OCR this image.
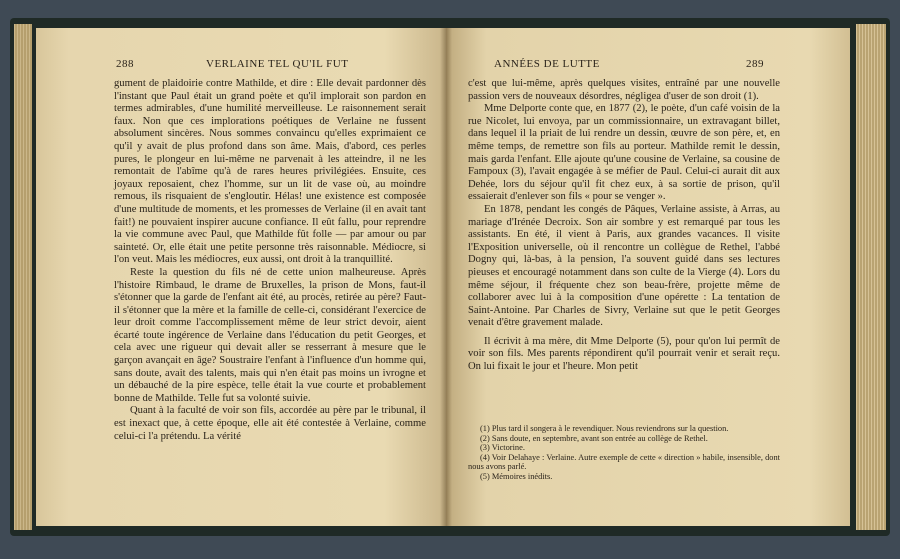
288	VERLAINE TEL QU'IL FUT

gument de plaidoirie contre Mathilde, et dire : Elle devait pardonner dès l'instant que Paul était un grand poète et qu'il implorait son pardon en termes admirables, d'une humilité merveilleuse. Le raisonnement serait faux. Non que ces implorations poétiques de Verlaine ne fussent absolument sincères. Nous sommes convaincu qu'elles exprimaient ce qu'il y avait de plus profond dans son âme. Mais, d'abord, ces perles pures, le plongeur en lui-même ne parvenait à les atteindre, il ne les remontait de l'abîme qu'à de rares heures privilégiées. Ensuite, ces joyaux reposaient, chez l'homme, sur un lit de vase où, au moindre remous, ils risquaient de s'engloutir. Hélas! une existence est composée d'une multitude de moments, et les promesses de Verlaine (il en avait tant fait!) ne pouvaient inspirer aucune confiance. Il eût fallu, pour reprendre la vie commune avec Paul, que Mathilde fût folle — par amour ou par sainteté. Or, elle était une petite personne très raisonnable. Médiocre, si l'on veut. Mais les médiocres, eux aussi, ont droit à la tranquillité.

Reste la question du fils né de cette union malheureuse. Après l'histoire Rimbaud, le drame de Bruxelles, la prison de Mons, faut-il s'étonner que la garde de l'enfant ait été, au procès, retirée au père? Faut-il s'étonner que la mère et la famille de celle-ci, considérant l'exercice de leur droit comme l'accomplissement même de leur strict devoir, aient écarté toute ingérence de Verlaine dans l'éducation du petit Georges, et cela avec une rigueur qui devait aller se resserrant à mesure que le garçon avançait en âge? Soustraire l'enfant à l'influence d'un homme qui, sans doute, avait des talents, mais qui n'en était pas moins un ivrogne et un débauché de la pire espèce, telle était la vue courte et probablement bonne de Mathilde. Telle fut sa volonté suivie.

Quant à la faculté de voir son fils, accordée au père par le tribunal, il est inexact que, à cette époque, elle ait été contestée à Verlaine, comme celui-ci l'a prétendu. La vérité

ANNÉES DE LUTTE	289

c'est que lui-même, après quelques visites, entraîné par une nouvelle passion vers de nouveaux désordres, négligea d'user de son droit (1).

Mme Delporte conte que, en 1877 (2), le poète, d'un café voisin de la rue Nicolet, lui envoya, par un commissionnaire, un extravagant billet, dans lequel il la priait de lui rendre un dessin, œuvre de son père, et, en même temps, de remettre son fils au porteur. Mathilde remit le dessin, mais garda l'enfant. Elle ajoute qu'une cousine de Verlaine, sa cousine de Fampoux (3), l'avait engagée à se méfier de Paul. Celui-ci aurait dit aux Dehée, lors du séjour qu'il fit chez eux, à sa sortie de prison, qu'il essaierait d'enlever son fils « pour se venger ».

En 1878, pendant les congés de Pâques, Verlaine assiste, à Arras, au mariage d'Irénée Decroix. Son air sombre y est remarqué par tous les assistants. En été, il vient à Paris, aux grandes vacances. Il visite l'Exposition universelle, où il rencontre un collègue de Rethel, l'abbé Dogny qui, là-bas, à la pension, l'a souvent guidé dans ses lectures pieuses et encouragé notamment dans son culte de la Vierge (4). Lors du même séjour, il fréquente chez son beau-frère, projette même de collaborer avec lui à la composition d'une opérette : La tentation de Saint-Antoine. Par Charles de Sivry, Verlaine sut que le petit Georges venait d'être gravement malade.

Il écrivit à ma mère, dit Mme Delporte (5), pour qu'on lui permît de voir son fils. Mes parents répondirent qu'il pourrait venir et serait reçu. On lui fixait le jour et l'heure. Mon petit

(1) Plus tard il songera à le revendiquer. Nous reviendrons sur la question.

(2) Sans doute, en septembre, avant son entrée au collège de Rethel.

(3) Victorine.

(4) Voir Delahaye : Verlaine. Autre exemple de cette « direction » habile, insensible, dont nous avons parlé.

(5) Mémoires inédits.
